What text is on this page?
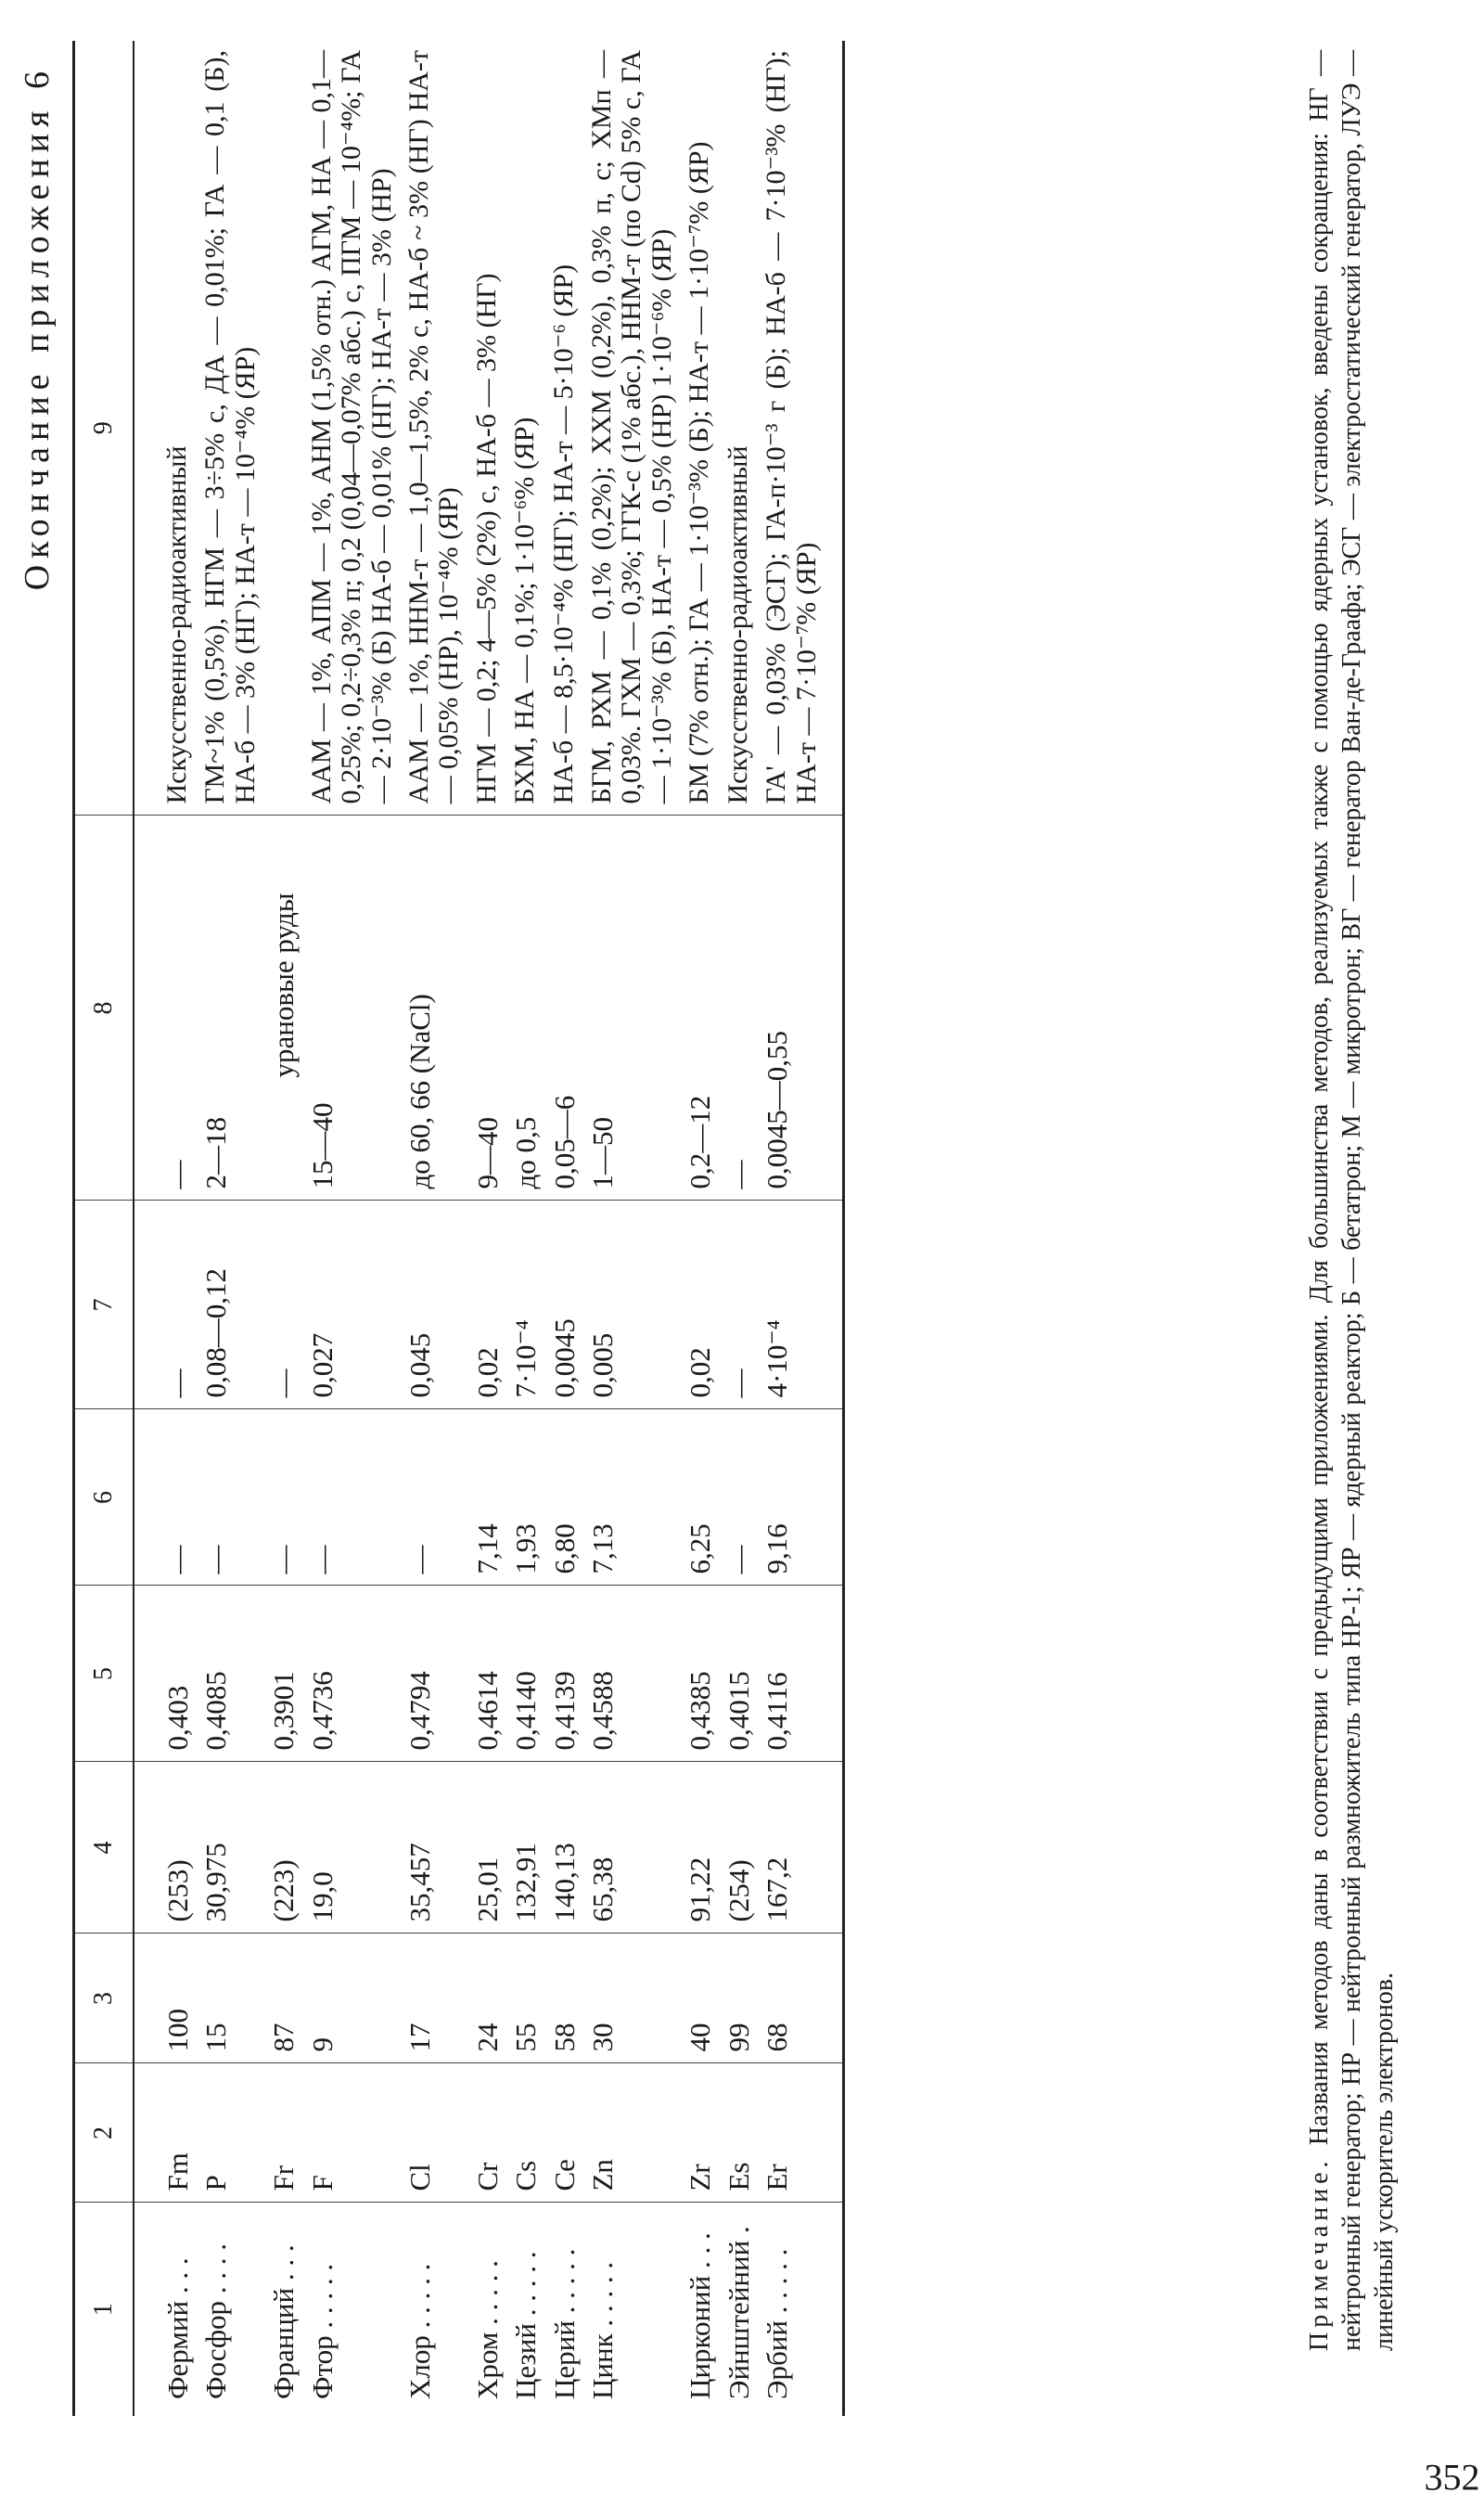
352
Окончание приложения 6
1	2	3	4	5	6	7	8	9
Фермий . . .	Fm	100	(253)	0,403	—	—	—	Искусственно-радиоактивный
Фосфор . . . .	P	15	30,975	0,4085	—	0,08—0,12	2—18	ГМ~1% (0,5%), НГМ — 3÷5% с, ДА — 0,01%; ГА — 0,1 (Б), НА-б — 3% (НГ); НА-т — 10⁻⁴% (ЯР)
Франций . . .	Fr	87	(223)	0,3901	—	—	урановые руды	

Фтор . . . . .	F	9	19,0	0,4736	—	0,027	15—40	ААМ — 1%, АПМ — 1%, АНМ (1,5% отн.) АГМ, НА — 0,1—0,25%; 0,2÷0,3% п; 0,2 (0,04—0,07% абс.) с, ПГМ — 10⁻⁴%; ГА — 2·10⁻³% (Б) НА-б — 0,01% (НГ); НА-т — 3% (НР)
Хлор . . . . .	Cl	17	35,457	0,4794	—	0,045	до 60, 66 (NaCl)	ААМ — 1%, ННМ-т — 1,0—1,5%, 2% с, НА-б ~ 3% (НГ) НА-т — 0,05% (НР), 10⁻⁴% (ЯР)
Хром . . . . .	Cr	24	25,01	0,4614	7,14	0,02	9—40	НГМ — 0,2; 4—5% (2%) с, НА-б — 3% (НГ)
Цезий . . . . .	Cs	55	132,91	0,4140	1,93	7·10⁻⁴	до 0,5	БХМ, НА — 0,1%; 1·10⁻⁶% (ЯР)
Церий . . . . .	Ce	58	140,13	0,4139	6,80	0,0045	0,05—6	НА-б — 8,5·10⁻⁴% (НГ); НА-т — 5·10⁻⁶ (ЯР)
Цинк . . . . .	Zn	30	65,38	0,4588	7,13	0,005	1—50	БГМ, РХМ — 0,1% (0,2%); ХХМ (0,2%), 0,3% п, с; ХМп — 0,03%. ГХМ — 0,3%; ГГК-с (1% абс.), ННМ-т (по Cd) 5% с, ГА — 1·10⁻³% (Б), НА-т — 0,5% (НР) 1·10⁻⁶% (ЯР)
Цирконий . . .	Zr	40	91,22	0,4385	6,25	0,02	0,2—12	БМ (7% отн.); ГА — 1·10⁻³% (Б); НА-т — 1·10⁻⁷% (ЯР)
Эйнштейний .	Es	99	(254)	0,4015	—	—	—	Искусственно-радиоактивный
Эрбий . . . . .	Er	68	167,2	0,4116	9,16	4·10⁻⁴	0,0045—0,55	ГА' — 0,03% (ЭСГ); ГА-п·10⁻³ г (Б); НА-б — 7·10⁻³% (НГ); НА-т — 7·10⁻⁷% (ЯР)
Примечание. Названия методов даны в соответствии с предыдущими приложениями. Для большинства методов, реализуемых также с помощью ядерных установок, введены сокращения: НГ — нейтронный генератор; НР — нейтронный размножитель типа НР-1; ЯР — ядерный реактор; Б — бетатрон; М — микротрон; ВГ — генератор Ван-де-Граафа; ЭСГ — электростатический генератор, ЛУЭ — линейный ускоритель электронов.
